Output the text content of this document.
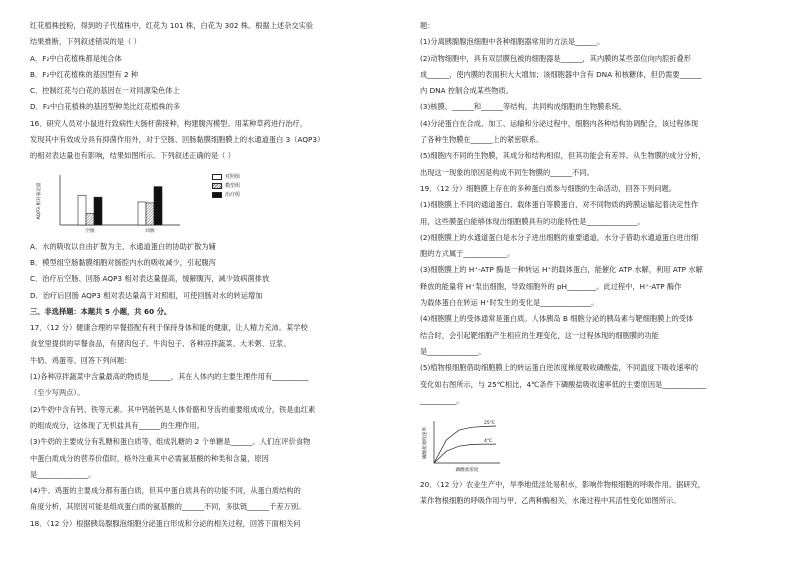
红花植株授粉，得到的子代植株中，红花为 101 株，白花为 302 株。根据上述杂交实验
结果推断，下列叙述错误的是（ ）
A．F₂中白花植株都是纯合体
B．F₂中红花植株的基因型有 2 种
C．控制红花与白花的基因在一对同源染色体上
D．F₂中白花植株的基因型种类比红花植株的多
16．研究人员对小鼠进行致病性大肠杆菌接种，构建腹泻模型。用某种草药进行治疗，
发现其中有效成分具有抑菌作用外，对于空肠、回肠黏膜细胞膜上的水通道蛋白 3（AQP3）
的相对表达量也有影响，结果如图所示。下列叙述正确的是（ ）
AQP3 相对表达量
空肠	回肠
对照组
模型组
治疗组
A．水的吸收以自由扩散为主、水通道蛋白的协助扩散为辅
B．模型组空肠黏膜细胞对肠腔内水的吸收减少，引起腹泻
C．治疗后空肠、回肠 AQP3 相对表达量提高，缓解腹泻，减少致病菌排放
D．治疗后回肠 AQP3 相对表达量高于对照组，可使回肠对水的转运增加
三、非选择题：本题共 5 小题，共 60 分。
17．（12 分）健康合理的早餐搭配有利于保持身体和能的健康，让人精力充沛。某学校
食堂里提供的早餐食品，有猪肉包子、牛肉包子、各种凉拌蔬菜、大米粥、豆浆、
牛奶、鸡蛋等。回答下列问题：
(1)各种凉拌蔬菜中含量最高的物质是______，其在人体内的主要生理作用有__________
（至少写两点）。
(2)牛奶中含有钙、铁等元素。其中钙能钙是人体骨骼和牙齿的重要组成成分，铁是血红素
的组成成分，这体现了无机盐具有______的生理作用。
(3)牛奶的主要成分有乳糖和蛋白质等，组成乳糖的 2 个单糖是______。人们在评价食物
中蛋白质成分的营养价值时，格外注重其中必需氨基酸的种类和含量，原因
是______________。
(4)牛、鸡蛋的主要成分都有蛋白质，但其中蛋白质具有的功能不同，从蛋白质结构的
角度分析，其原因可能是组成蛋白质的氨基酸的______不同，多肽链______千差万别。
18．（12 分）根据胰岛腺腺泡细胞分泌蛋白形成和分泌的相关过程，回答下面相关问
题：
(1)分离胰腺腺泡细胞中各种细胞器常用的方法是______。
(2)动物细胞中，具有双层膜包被的细胞器是______，其内膜的某些部位向内腔折叠形
成______，使内膜的表面积大大增加；该细胞器中含有 DNA 和核糖体，但仍需要______
内 DNA 控制合成某些物质。
(3)核膜、______和______等结构，共同构成细胞的生物膜系统。
(4)分泌蛋白在合成、加工、运输和分泌过程中，细胞内各种结构协调配合，该过程体现
了各种生物膜在______上的紧密联系。
(5)细胞内不同的生物膜，其成分和结构相似，但其功能会有差异。从生物膜的成分分析，
出现这一现象的原因是构成不同生物膜的______不同。
19．（12 分）细胞膜上存在的多种蛋白质参与细胞的生命活动，回答下列问题。
(1)细胞膜上不同的通道蛋白、载体蛋白等膜蛋白，对不同物质的跨膜运输起着决定性作
用，这些膜蛋白能够体现出细胞膜具有的功能特性是______________。
(2)细胞膜上的水通道蛋白是水分子进出细胞的重要通道，水分子借助水通道蛋白进出细
胞的方式属于____________。
(3)细胞膜上的 H⁺-ATP 酶是一种转运 H⁺的载体蛋白，能催化 ATP 水解，利用 ATP 水解
释放的能量将 H⁺泵出细胞，导致细胞外的 pH________。此过程中，H⁺-ATP 酶作
为载体蛋白在转运 H⁺时发生的变化是______________。
(4)细胞膜上的受体通常是蛋白质。人体胰岛 B 细胞分泌的胰岛素与靶细胞膜上的受体
结合时，会引起靶细胞产生相应的生理变化，这一过程体现的细胞膜的功能
是______________。
(5)植物根细胞借助细胞膜上的转运蛋白逆浓度梯度吸收磷酸盐，不同温度下吸收速率的
变化如右图所示，与 25℃相比，4℃条件下磷酸盐吸收速率低的主要原因是____________
__________。
磷酸盐吸收速率
磷酸盐浓度
25℃
4℃
20．（12 分）农业生产中，旱季地低洼处易积水，影响作物根细胞的呼吸作用。据研究，
某作物根细胞的呼吸作用与甲、乙两种酶相关，水淹过程中其活性变化如图所示。
